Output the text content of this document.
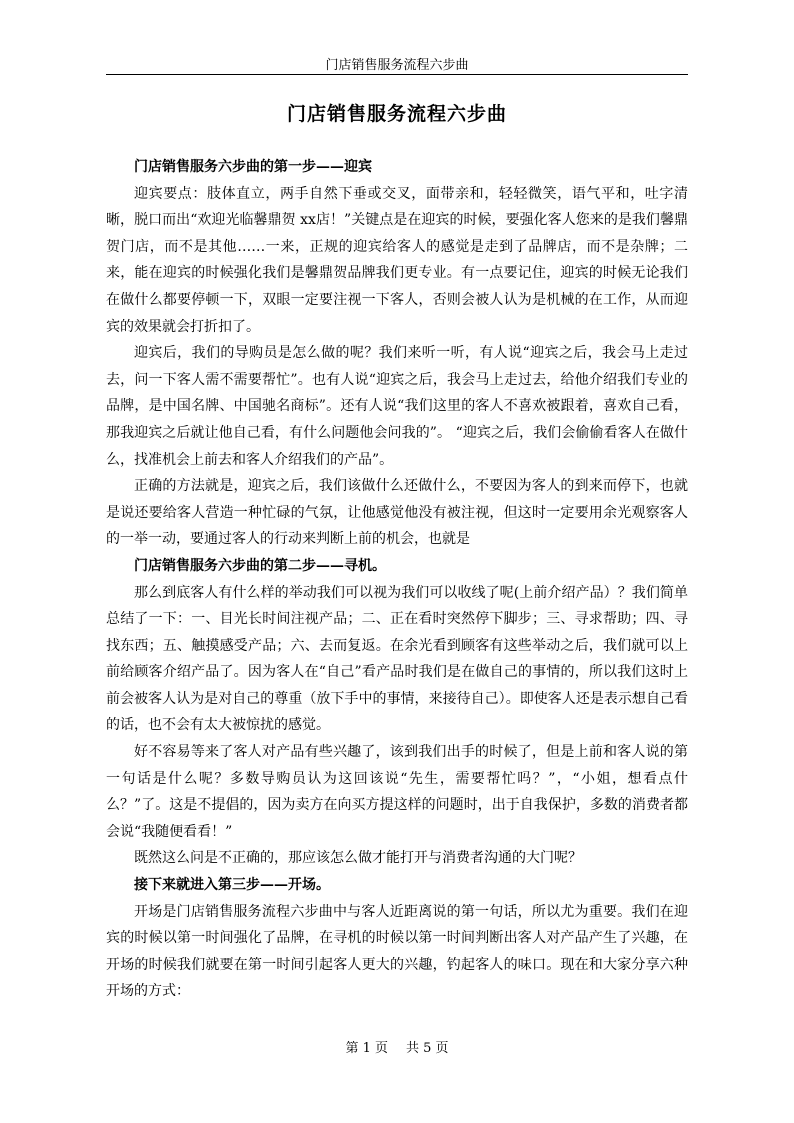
门店销售服务流程六步曲
门店销售服务流程六步曲

门店销售服务六步曲的第一步——迎宾

迎宾要点：肢体直立，两手自然下垂或交叉，面带亲和，轻轻微笑，语气平和，吐字清晰，脱口而出“欢迎光临馨鼎贺 xx店！”关键点是在迎宾的时候，要强化客人您来的是我们馨鼎贺门店，而不是其他……一来，正规的迎宾给客人的感觉是走到了品牌店，而不是杂牌；二来，能在迎宾的时候强化我们是馨鼎贺品牌我们更专业。有一点要记住，迎宾的时候无论我们在做什么都要停顿一下，双眼一定要注视一下客人，否则会被人认为是机械的在工作，从而迎宾的效果就会打折扣了。

迎宾后，我们的导购员是怎么做的呢？我们来听一听，有人说“迎宾之后，我会马上走过去，问一下客人需不需要帮忙”。也有人说“迎宾之后，我会马上走过去，给他介绍我们专业的品牌，是中国名牌、中国驰名商标”。还有人说“我们这里的客人不喜欢被跟着，喜欢自己看，那我迎宾之后就让他自己看，有什么问题他会问我的”。 “迎宾之后，我们会偷偷看客人在做什么，找准机会上前去和客人介绍我们的产品”。

正确的方法就是，迎宾之后，我们该做什么还做什么，不要因为客人的到来而停下，也就是说还要给客人营造一种忙碌的气氛，让他感觉他没有被注视，但这时一定要用余光观察客人的一举一动，要通过客人的行动来判断上前的机会，也就是

门店销售服务六步曲的第二步——寻机。

那么到底客人有什么样的举动我们可以视为我们可以收线了呢(上前介绍产品）？我们简单总结了一下：一、目光长时间注视产品；二、正在看时突然停下脚步；三、寻求帮助；四、寻找东西；五、触摸感受产品；六、去而复返。在余光看到顾客有这些举动之后，我们就可以上前给顾客介绍产品了。因为客人在“自己”看产品时我们是在做自己的事情的，所以我们这时上前会被客人认为是对自己的尊重（放下手中的事情，来接待自己）。即使客人还是表示想自己看的话，也不会有太大被惊扰的感觉。

好不容易等来了客人对产品有些兴趣了，该到我们出手的时候了，但是上前和客人说的第一句话是什么呢？多数导购员认为这回该说“先生，需要帮忙吗？”，“小姐，想看点什么？”了。这是不提倡的，因为卖方在向买方提这样的问题时，出于自我保护，多数的消费者都会说“我随便看看！”

既然这么问是不正确的，那应该怎么做才能打开与消费者沟通的大门呢？

接下来就进入第三步——开场。

开场是门店销售服务流程六步曲中与客人近距离说的第一句话，所以尤为重要。我们在迎宾的时候以第一时间强化了品牌，在寻机的时候以第一时间判断出客人对产品产生了兴趣，在开场的时候我们就要在第一时间引起客人更大的兴趣，钓起客人的味口。现在和大家分享六种开场的方式：

第 1 页 共 5 页
